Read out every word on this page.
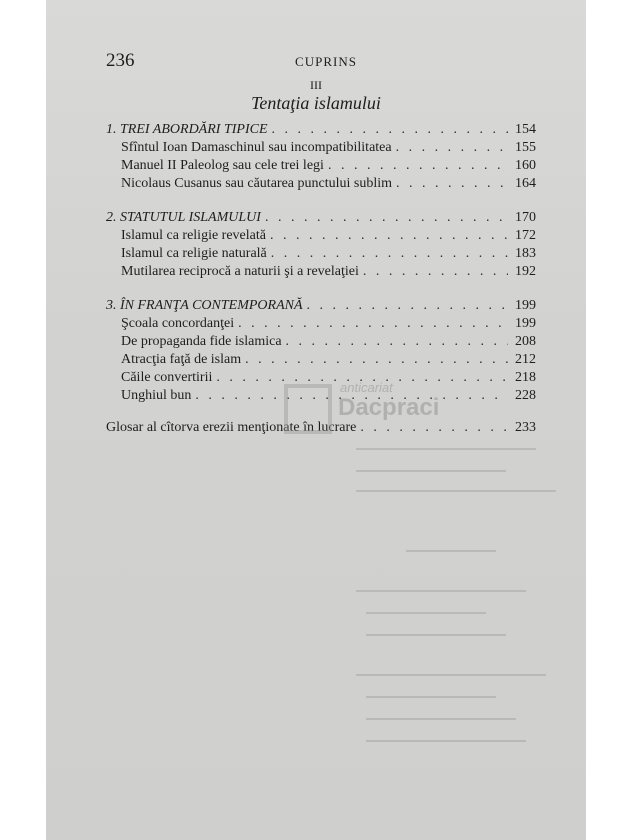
236	CUPRINS
III
Tentaţia islamului
1. TREI ABORDĂRI TIPICE . . .	154
Sfîntul Ioan Damaschinul sau incompatibilitatea . . .	155
Manuel II Paleolog sau cele trei legi . . .	160
Nicolaus Cusanus sau căutarea punctului sublim . . .	164
2. STATUTUL ISLAMULUI . . .	170
Islamul ca religie revelată . . .	172
Islamul ca religie naturală . . .	183
Mutilarea reciprocă a naturii şi a revelaţiei . . .	192
3. ÎN FRANŢA CONTEMPORANĂ . . .	199
Şcoala concordanţei . . .	199
De propaganda fide islamica . . .	208
Atracţia faţă de islam . . .	212
Căile convertirii . . .	218
Unghiul bun . . .	228
Glosar al cîtorva erezii menţionate în lucrare . . .	233
anticariat
Dacpraci
